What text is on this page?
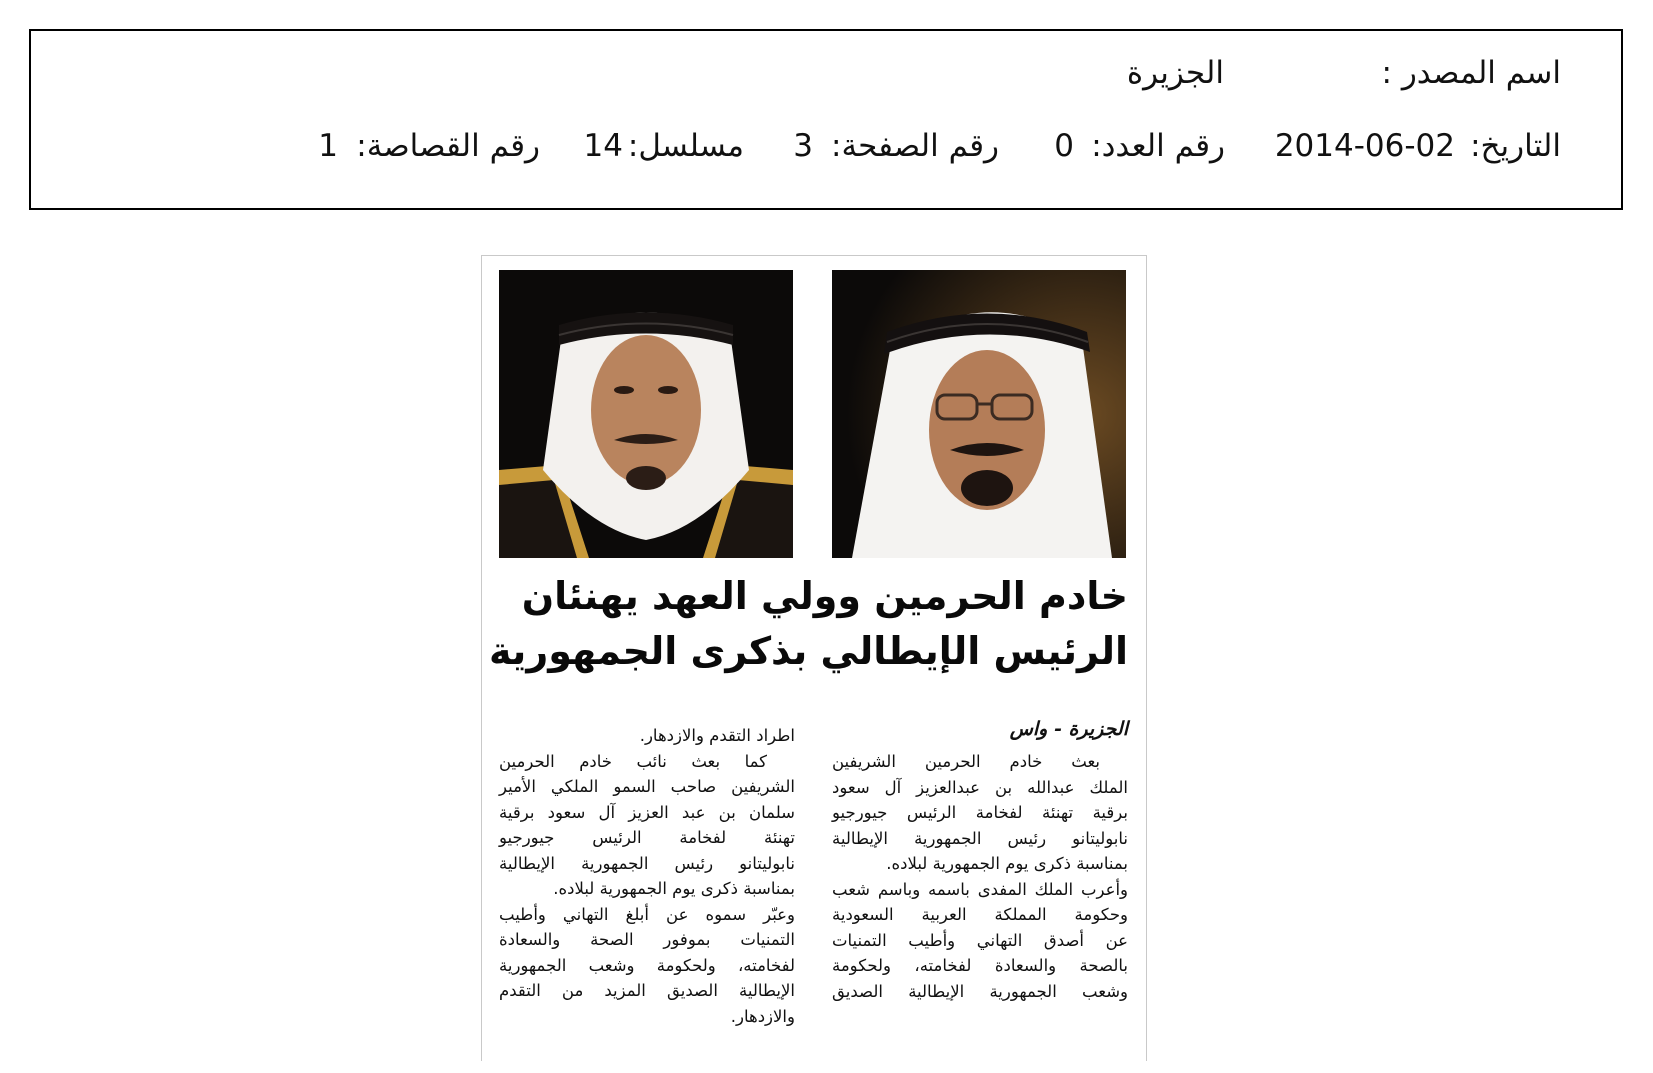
اسم المصدر :
الجزيرة
التاريخ:
2014-06-02
رقم العدد:
0
رقم الصفحة:
3
مسلسل:
14
رقم القصاصة:
1
خادم الحرمين وولي العهد يهنئان
الرئيس الإيطالي بذكرى الجمهورية
الجزيرة - واس
بعث خادم الحرمين الشريفين
الملك عبدالله بن عبدالعزيز آل سعود
برقية تهنئة لفخامة الرئيس جيورجيو
نابوليتانو رئيس الجمهورية الإيطالية
بمناسبة ذكرى يوم الجمهورية لبلاده.
وأعرب الملك المفدى باسمه وباسم شعب
وحكومة المملكة العربية السعودية
عن أصدق التهاني وأطيب التمنيات
بالصحة والسعادة لفخامته، ولحكومة
وشعب الجمهورية الإيطالية الصديق
اطراد التقدم والازدهار.
كما بعث نائب خادم الحرمين
الشريفين صاحب السمو الملكي الأمير
سلمان بن عبد العزيز آل سعود برقية
تهنئة لفخامة الرئيس جيورجيو
نابوليتانو رئيس الجمهورية الإيطالية
بمناسبة ذكرى يوم الجمهورية لبلاده.
وعبّر سموه عن أبلغ التهاني وأطيب
التمنيات بموفور الصحة والسعادة
لفخامته، ولحكومة وشعب الجمهورية
الإيطالية الصديق المزيد من التقدم
والازدهار.
